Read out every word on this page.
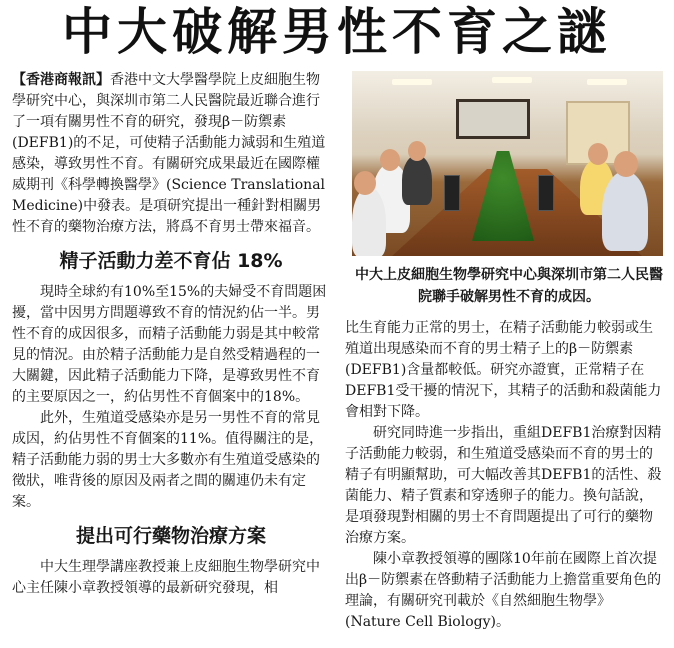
中大破解男性不育之謎

【香港商報訊】香港中文大學醫學院上皮細胞生物學研究中心，與深圳市第二人民醫院最近聯合進行了一項有關男性不育的研究，發現β－防禦素(DEFB1)的不足，可使精子活動能力減弱和生殖道感染，導致男性不育。有關研究成果最近在國際權威期刊《科學轉換醫學》(Science Translational Medicine)中發表。是項研究提出一種針對相關男性不育的藥物治療方法，將爲不育男士帶來福音。

精子活動力差不育佔 18%

現時全球約有10%至15%的夫婦受不育問題困擾，當中因男方問題導致不育的情況約佔一半。男性不育的成因很多，而精子活動能力弱是其中較常見的情況。由於精子活動能力是自然受精過程的一大關鍵，因此精子活動能力下降，是導致男性不育的主要原因之一，約佔男性不育個案中的18%。

此外，生殖道受感染亦是另一男性不育的常見成因，約佔男性不育個案的11%。值得關注的是，精子活動能力弱的男士大多數亦有生殖道受感染的徵狀，唯背後的原因及兩者之間的關連仍未有定案。

提出可行藥物治療方案

中大生理學講座教授兼上皮細胞生物學研究中心主任陳小章教授領導的最新研究發現，相

中大上皮細胞生物學研究中心與深圳市第二人民醫院聯手破解男性不育的成因。

比生育能力正常的男士，在精子活動能力較弱或生殖道出現感染而不育的男士精子上的β－防禦素(DEFB1)含量都較低。研究亦證實，正常精子在DEFB1受干擾的情況下，其精子的活動和殺菌能力會相對下降。

研究同時進一步指出，重組DEFB1治療對因精子活動能力較弱，和生殖道受感染而不育的男士的精子有明顯幫助，可大幅改善其DEFB1的活性、殺菌能力、精子質素和穿透卵子的能力。換句話說，是項發現對相關的男士不育問題提出了可行的藥物治療方案。

陳小章教授領導的團隊10年前在國際上首次提出β－防禦素在啓動精子活動能力上擔當重要角色的理論，有關研究刊載於《自然細胞生物學》(Nature Cell Biology)。
